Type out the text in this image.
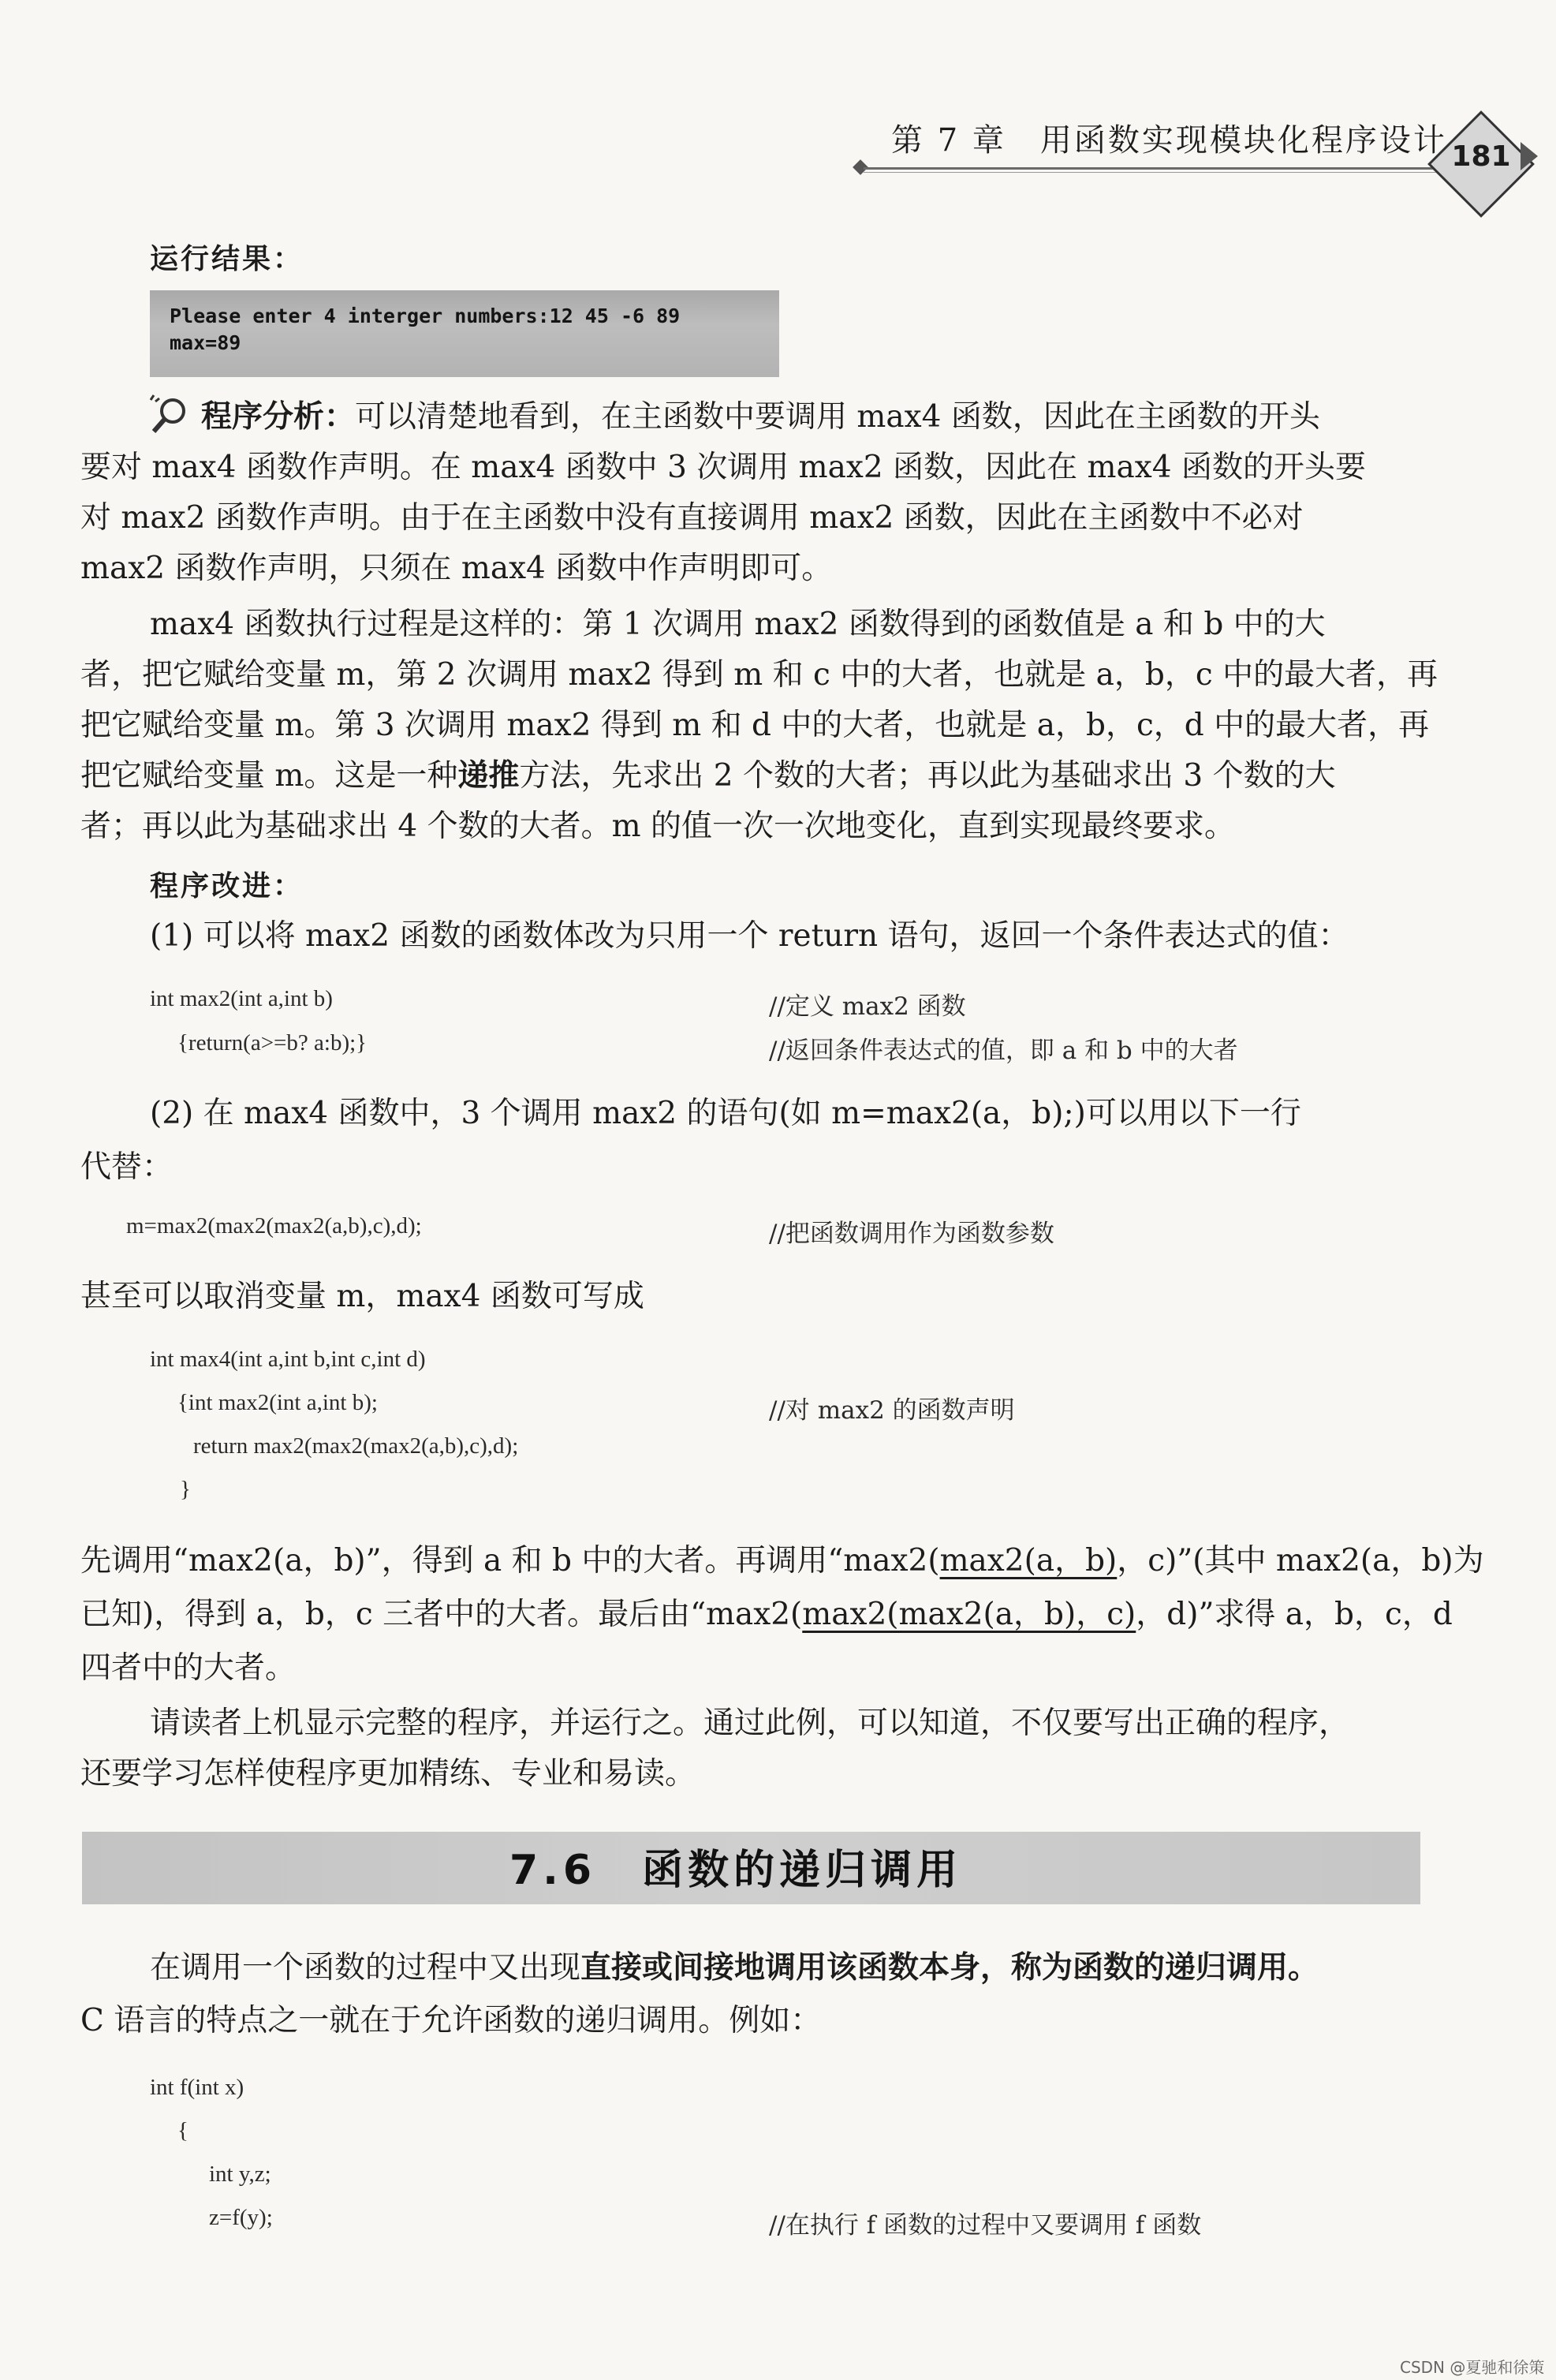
第 7 章　用函数实现模块化程序设计 181
运行结果：
Please enter 4 interger numbers:12 45 -6 89
max=89
程序分析：可以清楚地看到，在主函数中要调用 max4 函数，因此在主函数的开头
要对 max4 函数作声明。在 max4 函数中 3 次调用 max2 函数，因此在 max4 函数的开头要
对 max2 函数作声明。由于在主函数中没有直接调用 max2 函数，因此在主函数中不必对
max2 函数作声明，只须在 max4 函数中作声明即可。
max4 函数执行过程是这样的：第 1 次调用 max2 函数得到的函数值是 a 和 b 中的大
者，把它赋给变量 m，第 2 次调用 max2 得到 m 和 c 中的大者，也就是 a，b，c 中的最大者，再
把它赋给变量 m。第 3 次调用 max2 得到 m 和 d 中的大者，也就是 a，b，c，d 中的最大者，再
把它赋给变量 m。这是一种递推方法，先求出 2 个数的大者；再以此为基础求出 3 个数的大
者；再以此为基础求出 4 个数的大者。m 的值一次一次地变化，直到实现最终要求。
程序改进：
(1) 可以将 max2 函数的函数体改为只用一个 return 语句，返回一个条件表达式的值：
int max2(int a,int b)	//定义 max2 函数
{return(a>=b? a:b);}	//返回条件表达式的值，即 a 和 b 中的大者
(2) 在 max4 函数中，3 个调用 max2 的语句(如 m=max2(a，b);)可以用以下一行
代替：
m=max2(max2(max2(a,b),c),d);	//把函数调用作为函数参数
甚至可以取消变量 m，max4 函数可写成
int max4(int a,int b,int c,int d)
{int max2(int a,int b);	//对 max2 的函数声明
return max2(max2(max2(a,b),c),d);
}
先调用“max2(a，b)”，得到 a 和 b 中的大者。再调用“max2(max2(a，b)，c)”(其中 max2(a，b)为
已知)，得到 a，b，c 三者中的大者。最后由“max2(max2(max2(a，b)，c)，d)”求得 a，b，c，d
四者中的大者。
请读者上机显示完整的程序，并运行之。通过此例，可以知道，不仅要写出正确的程序，
还要学习怎样使程序更加精练、专业和易读。
7.6　函数的递归调用
在调用一个函数的过程中又出现直接或间接地调用该函数本身，称为函数的递归调用。
C 语言的特点之一就在于允许函数的递归调用。例如：
int f(int x)
{
int y,z;
z=f(y);	//在执行 f 函数的过程中又要调用 f 函数
CSDN @夏驰和徐策
